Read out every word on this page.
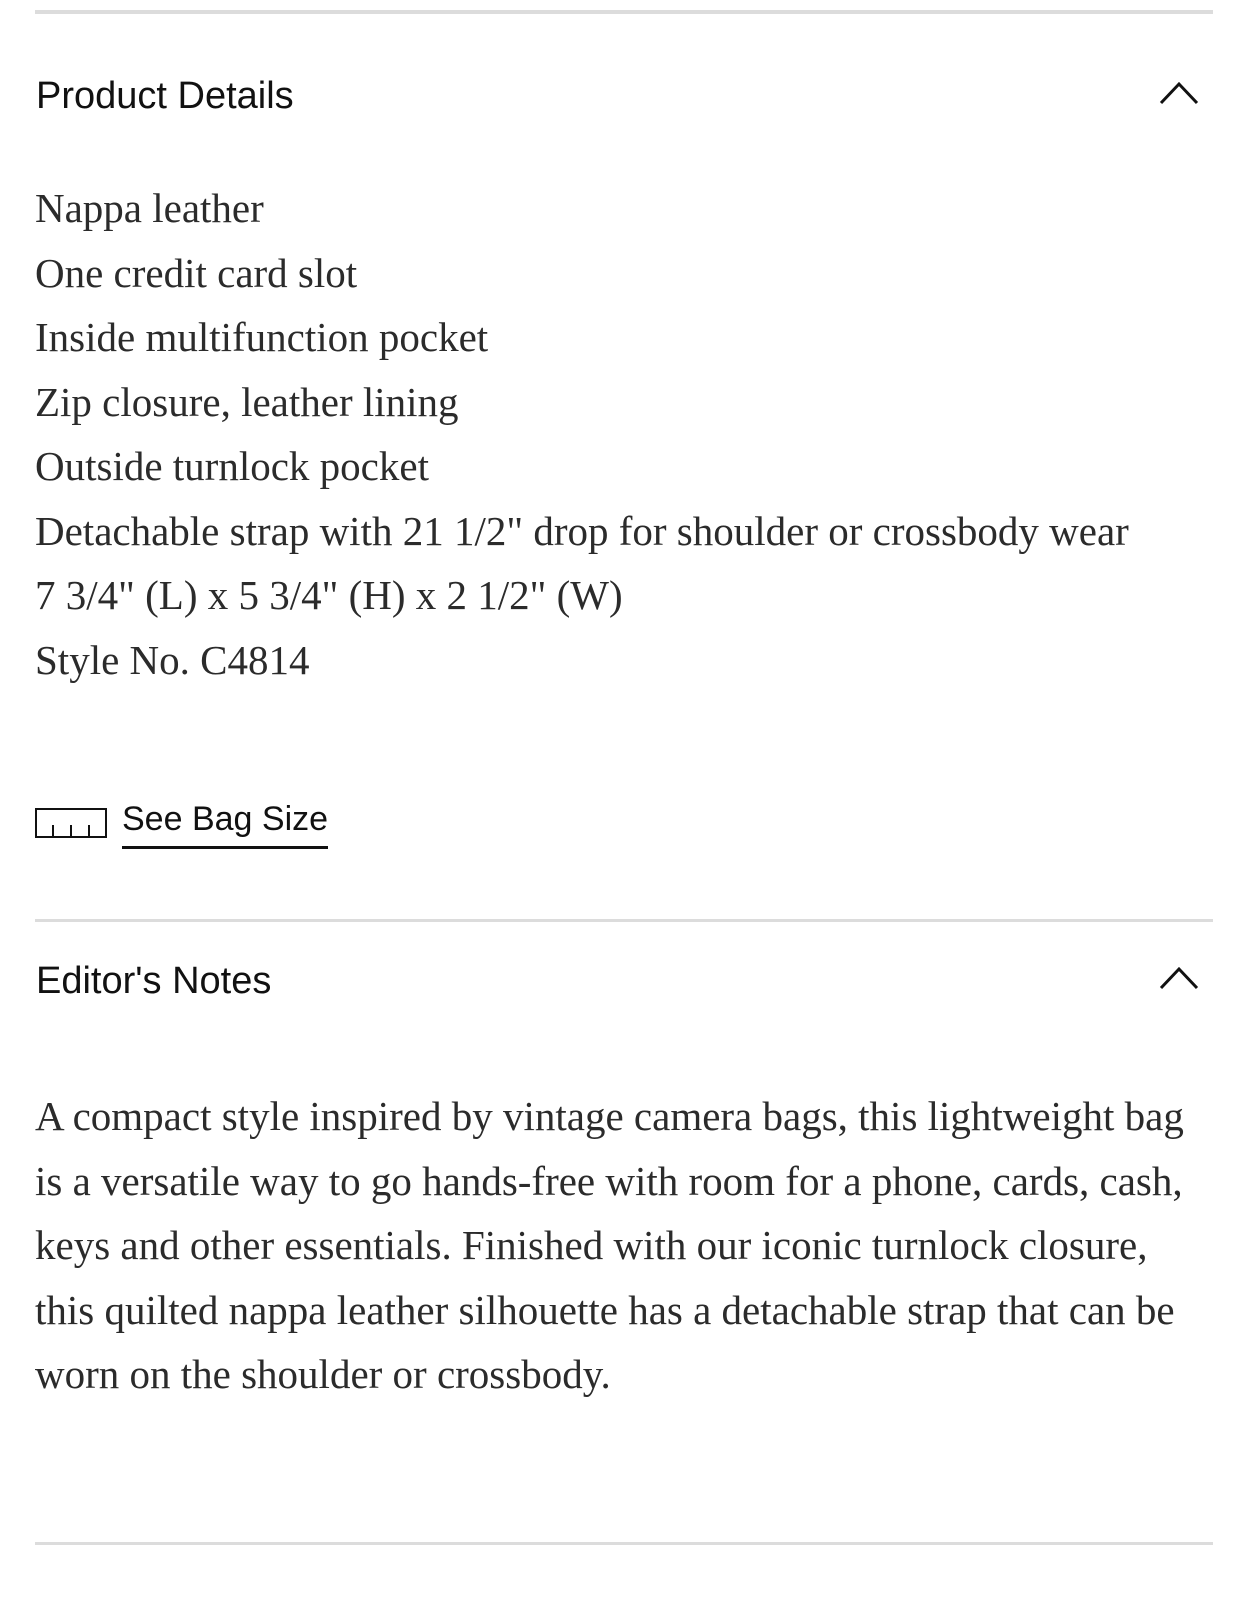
Product Details
Nappa leather
One credit card slot
Inside multifunction pocket
Zip closure, leather lining
Outside turnlock pocket
Detachable strap with 21 1/2" drop for shoulder or crossbody wear
7 3/4" (L) x 5 3/4" (H) x 2 1/2" (W)
Style No. C4814
See Bag Size
Editor's Notes

A compact style inspired by vintage camera bags, this lightweight bag is a versatile way to go hands-free with room for a phone, cards, cash, keys and other essentials. Finished with our iconic turnlock closure, this quilted nappa leather silhouette has a detachable strap that can be worn on the shoulder or crossbody.
